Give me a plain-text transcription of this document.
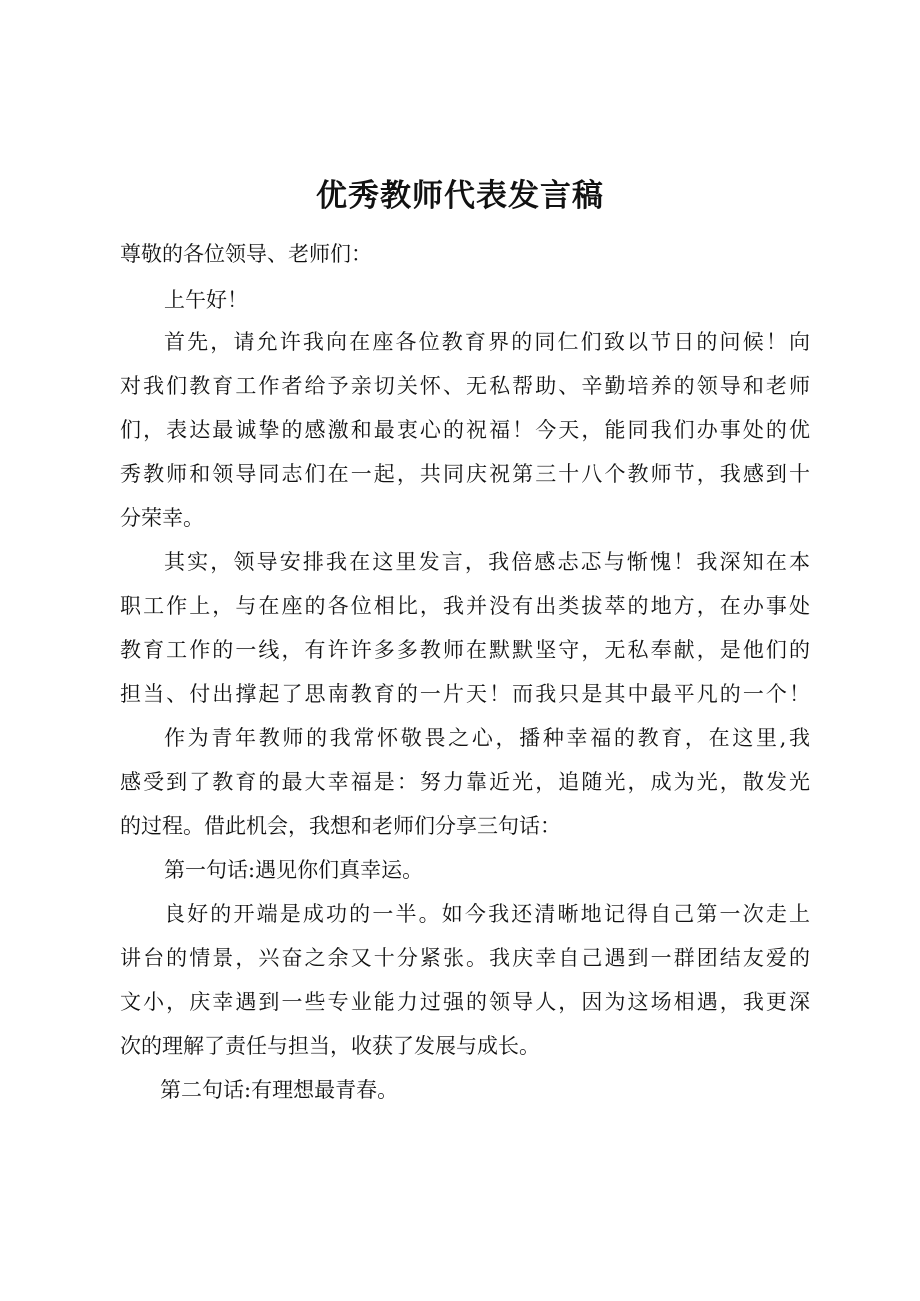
优秀教师代表发言稿
尊敬的各位领导、老师们：
上午好！
首先，请允许我向在座各位教育界的同仁们致以节日的问候！向
对我们教育工作者给予亲切关怀、无私帮助、辛勤培养的领导和老师
们，表达最诚挚的感激和最衷心的祝福！今天，能同我们办事处的优
秀教师和领导同志们在一起，共同庆祝第三十八个教师节，我感到十
分荣幸。
其实，领导安排我在这里发言，我倍感忐忑与惭愧！我深知在本
职工作上，与在座的各位相比，我并没有出类拔萃的地方，在办事处
教育工作的一线，有许许多多教师在默默坚守，无私奉献，是他们的
担当、付出撑起了思南教育的一片天！而我只是其中最平凡的一个！
作为青年教师的我常怀敬畏之心，播种幸福的教育，在这里,我
感受到了教育的最大幸福是：努力靠近光，追随光，成为光，散发光
的过程。借此机会，我想和老师们分享三句话：
第一句话:遇见你们真幸运。
良好的开端是成功的一半。如今我还清晰地记得自己第一次走上
讲台的情景，兴奋之余又十分紧张。我庆幸自己遇到一群团结友爱的
文小，庆幸遇到一些专业能力过强的领导人，因为这场相遇，我更深
次的理解了责任与担当，收获了发展与成长。
第二句话:有理想最青春。
